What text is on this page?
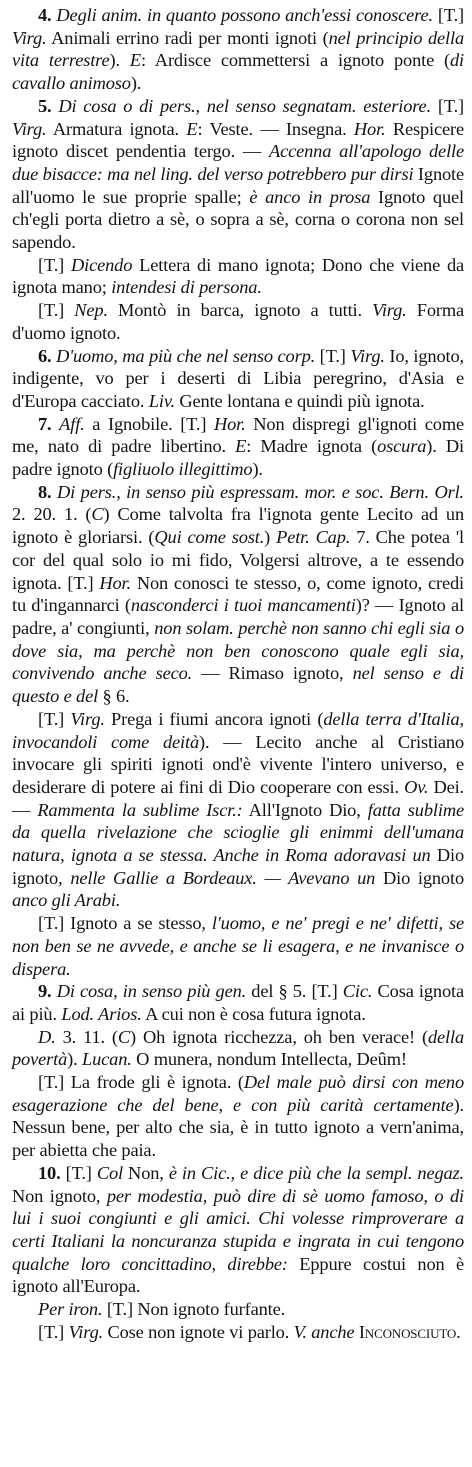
4. Degli anim. in quanto possono anch'essi conoscere. [T.] Virg. Animali errino radi per monti ignoti (nel principio della vita terrestre). E: Ardisce commettersi a ignoto ponte (di cavallo animoso).

5. Di cosa o di pers., nel senso segnatam. esteriore. [T.] Virg. Armatura ignota. E: Veste. — Insegna. Hor. Respicere ignoto discet pendentia tergo. — Accenna all'apologo delle due bisacce: ma nel ling. del verso potrebbero pur dirsi Ignote all'uomo le sue proprie spalle; è anco in prosa Ignoto quel ch'egli porta dietro a sè, o sopra a sè, corna o corona non sel sapendo.

[T.] Dicendo Lettera di mano ignota; Dono che viene da ignota mano; intendesi di persona.

[T.] Nep. Montò in barca, ignoto a tutti. Virg. Forma d'uomo ignoto.

6. D'uomo, ma più che nel senso corp. [T.] Virg. Io, ignoto, indigente, vo per i deserti di Libia peregrino, d'Asia e d'Europa cacciato. Liv. Gente lontana e quindi più ignota.

7. Aff. a Ignobile. [T.] Hor. Non dispregi gl'ignoti come me, nato di padre libertino. E: Madre ignota (oscura). Di padre ignoto (figliuolo illegittimo).

8. Di pers., in senso più espressam. mor. e soc. Bern. Orl. 2. 20. 1. (C) Come talvolta fra l'ignota gente Lecito ad un ignoto è gloriarsi. (Qui come sost.) Petr. Cap. 7. Che potea 'l cor del qual solo io mi fido, Volgersi altrove, a te essendo ignota. [T.] Hor. Non conosci te stesso, o, come ignoto, credi tu d'ingannarci (nasconderci i tuoi mancamenti)? — Ignoto al padre, a' congiunti, non solam. perchè non sanno chi egli sia o dove sia, ma perchè non ben conoscono quale egli sia, convivendo anche seco. — Rimaso ignoto, nel senso e di questo e del § 6.

[T.] Virg. Prega i fiumi ancora ignoti (della terra d'Italia, invocandoli come deità). — Lecito anche al Cristiano invocare gli spiriti ignoti ond'è vivente l'intero universo, e desiderare di potere ai fini di Dio cooperare con essi. Ov. Dei. — Rammenta la sublime Iscr.: All'Ignoto Dio, fatta sublime da quella rivelazione che scioglie gli enimmi dell'umana natura, ignota a se stessa. Anche in Roma adoravasi un Dio ignoto, nelle Gallie a Bordeaux. — Avevano un Dio ignoto anco gli Arabi.

[T.] Ignoto a se stesso, l'uomo, e ne' pregi e ne' difetti, se non ben se ne avvede, e anche se li esagera, e ne invanisce o dispera.

9. Di cosa, in senso più gen. del § 5. [T.] Cic. Cosa ignota ai più. Lod. Arios. A cui non è cosa futura ignota.

D. 3. 11. (C) Oh ignota ricchezza, oh ben verace! (della povertà). Lucan. O munera, nondum Intellecta, Deûm!

[T.] La frode gli è ignota. (Del male può dirsi con meno esagerazione che del bene, e con più carità certamente). Nessun bene, per alto che sia, è in tutto ignoto a vern'anima, per abietta che paia.

10. [T.] Col Non, è in Cic., e dice più che la sempl. negaz. Non ignoto, per modestia, può dire di sè uomo famoso, o di lui i suoi congiunti e gli amici. Chi volesse rimproverare a certi Italiani la noncuranza stupida e ingrata in cui tengono qualche loro concittadino, direbbe: Eppure costui non è ignoto all'Europa.

Per iron. [T.] Non ignoto furfante.

[T.] Virg. Cose non ignote vi parlo. V. anche Inconosciuto.
